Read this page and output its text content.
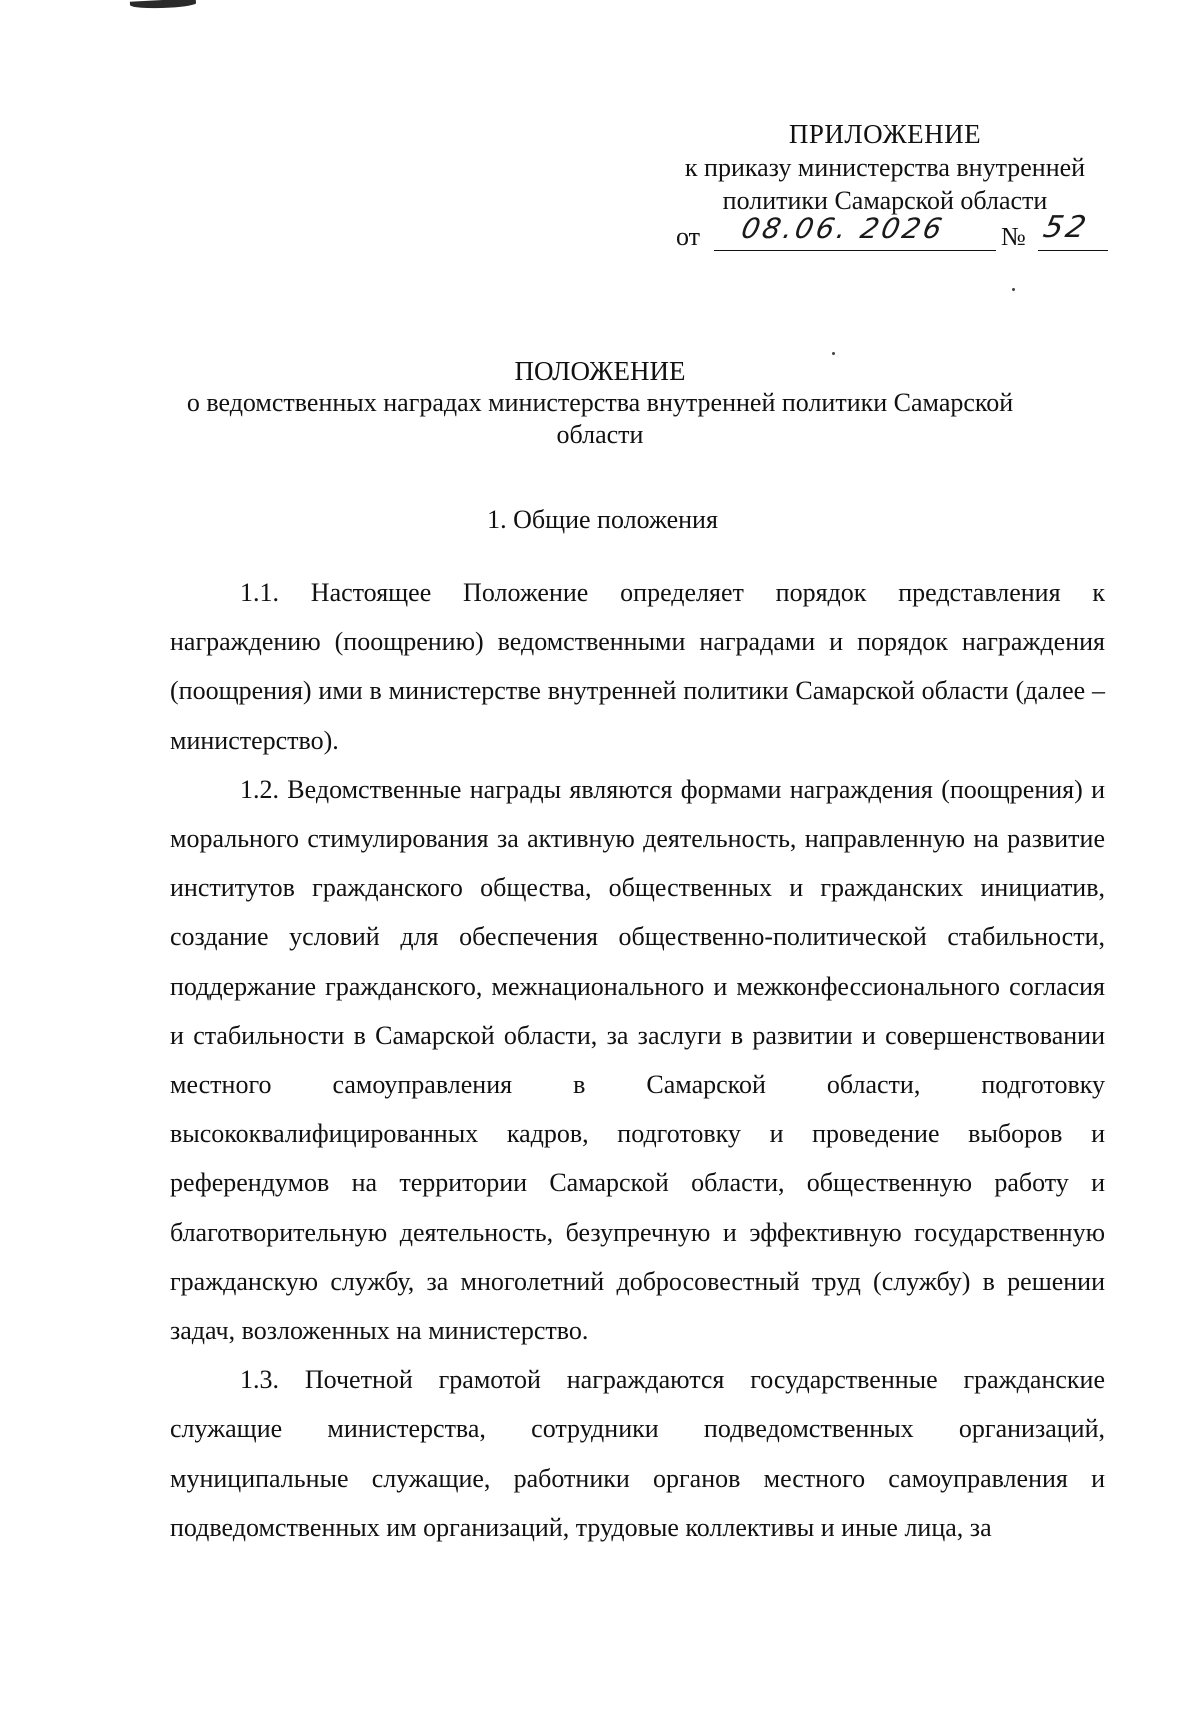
ПРИЛОЖЕНИЕ
к приказу министерства внутренней
политики Самарской области
от 08.06. 2026 № 52
ПОЛОЖЕНИЕ
о ведомственных наградах министерства внутренней политики Самарской
области
1. Общие положения

1.1. Настоящее Положение определяет порядок представления к награждению (поощрению) ведомственными наградами и порядок награждения (поощрения) ими в министерстве внутренней политики Самарской области (далее – министерство).

1.2. Ведомственные награды являются формами награждения (поощрения) и морального стимулирования за активную деятельность, направленную на развитие институтов гражданского общества, общественных и гражданских инициатив, создание условий для обеспечения общественно-политической стабильности, поддержание гражданского, межнационального и межконфессионального согласия и стабильности в Самарской области, за заслуги в развитии и совершенствовании местного самоуправления в Самарской области, подготовку высококвалифицированных кадров, подготовку и проведение выборов и референдумов на территории Самарской области, общественную работу и благотворительную деятельность, безупречную и эффективную государственную гражданскую службу, за многолетний добросовестный труд (службу) в решении задач, возложенных на министерство.

1.3. Почетной грамотой награждаются государственные гражданские служащие министерства, сотрудники подведомственных организаций, муниципальные служащие, работники органов местного самоуправления и подведомственных им организаций, трудовые коллективы и иные лица, за
